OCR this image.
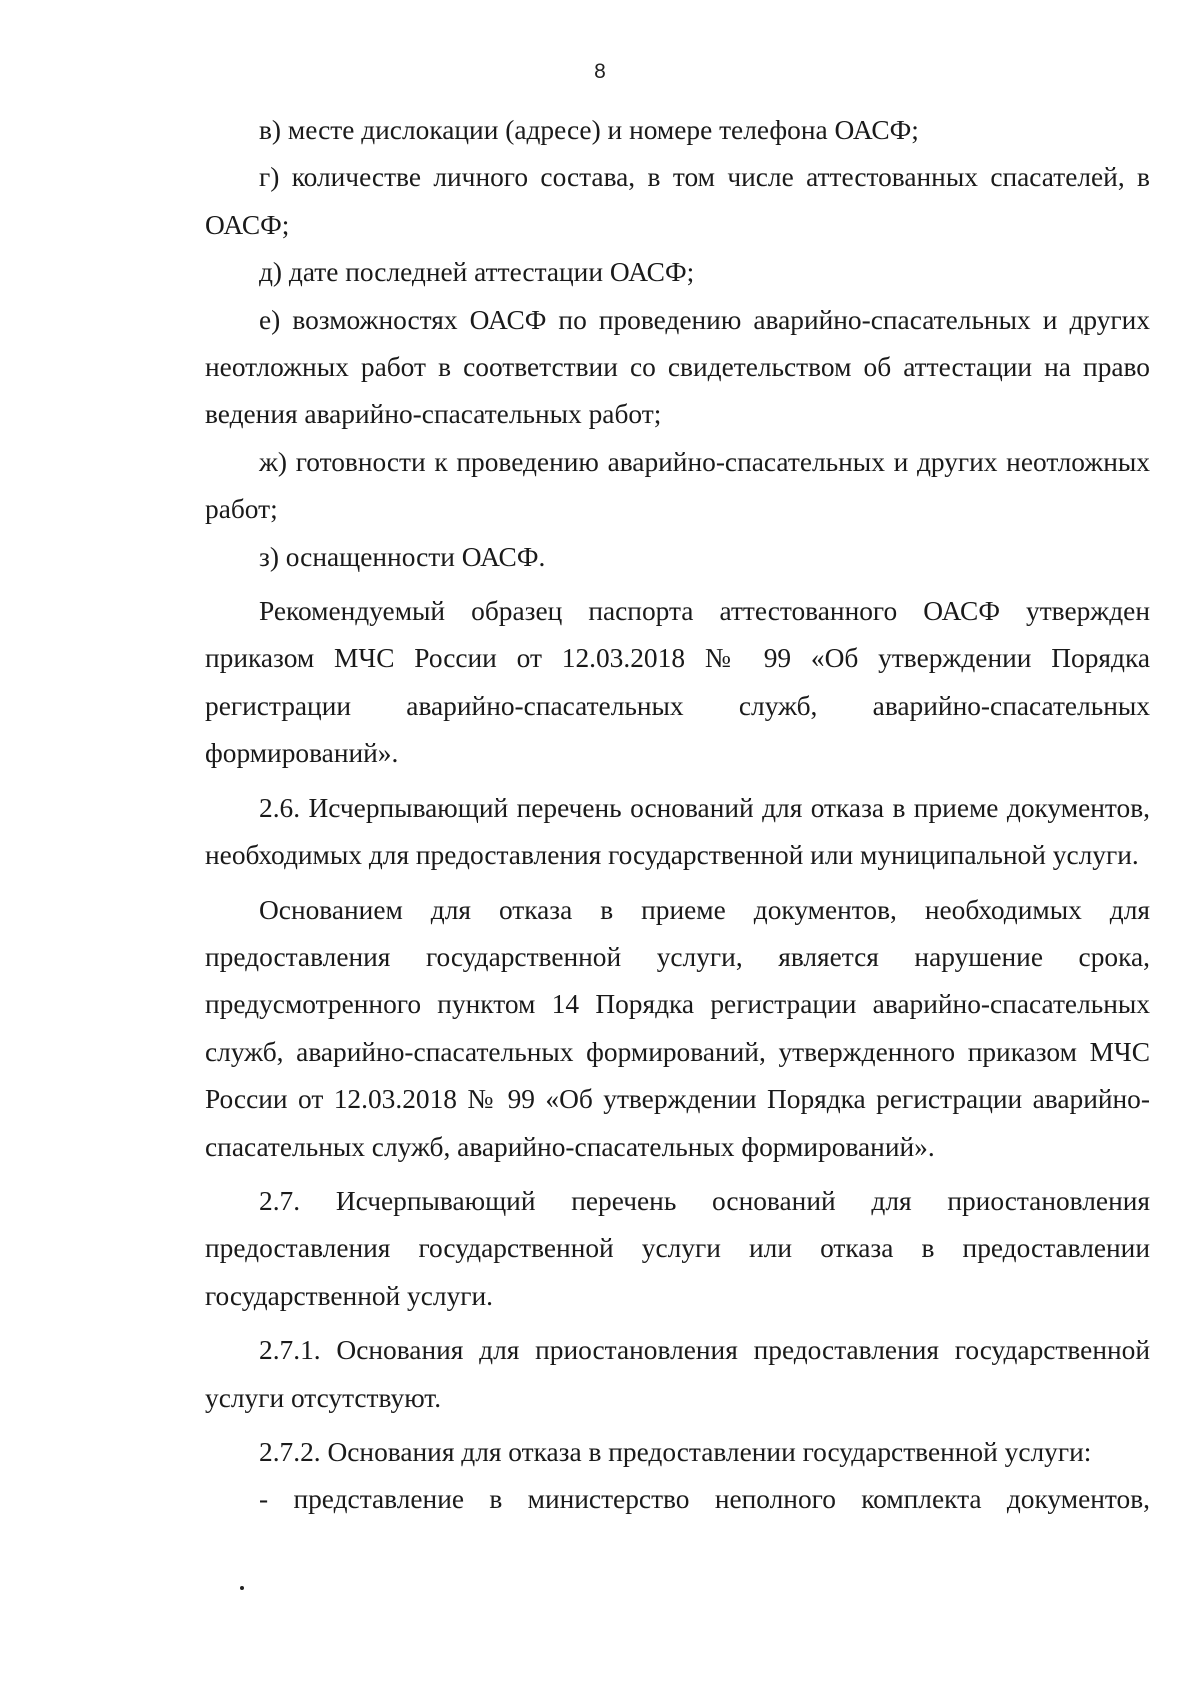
8

в) месте дислокации (адресе) и номере телефона ОАСФ;

г) количестве личного состава, в том числе аттестованных спасателей, в ОАСФ;

д) дате последней аттестации ОАСФ;

е) возможностях ОАСФ по проведению аварийно-спасательных и других неотложных работ в соответствии со свидетельством об аттестации на право ведения аварийно-спасательных работ;

ж) готовности к проведению аварийно-спасательных и других неотложных работ;

з) оснащенности ОАСФ.

Рекомендуемый образец паспорта аттестованного ОАСФ утвержден приказом МЧС России от 12.03.2018 № 99 «Об утверждении Порядка регистрации аварийно-спасательных служб, аварийно-спасательных формирований».

2.6. Исчерпывающий перечень оснований для отказа в приеме документов, необходимых для предоставления государственной или муниципальной услуги.

Основанием для отказа в приеме документов, необходимых для предоставления государственной услуги, является нарушение срока, предусмотренного пунктом 14 Порядка регистрации аварийно-спасательных служб, аварийно-спасательных формирований, утвержденного приказом МЧС России от 12.03.2018 № 99 «Об утверждении Порядка регистрации аварийно-спасательных служб, аварийно-спасательных формирований».

2.7. Исчерпывающий перечень оснований для приостановления предоставления государственной услуги или отказа в предоставлении государственной услуги.

2.7.1. Основания для приостановления предоставления государственной услуги отсутствуют.

2.7.2. Основания для отказа в предоставлении государственной услуги:

- представление в министерство неполного комплекта документов,
